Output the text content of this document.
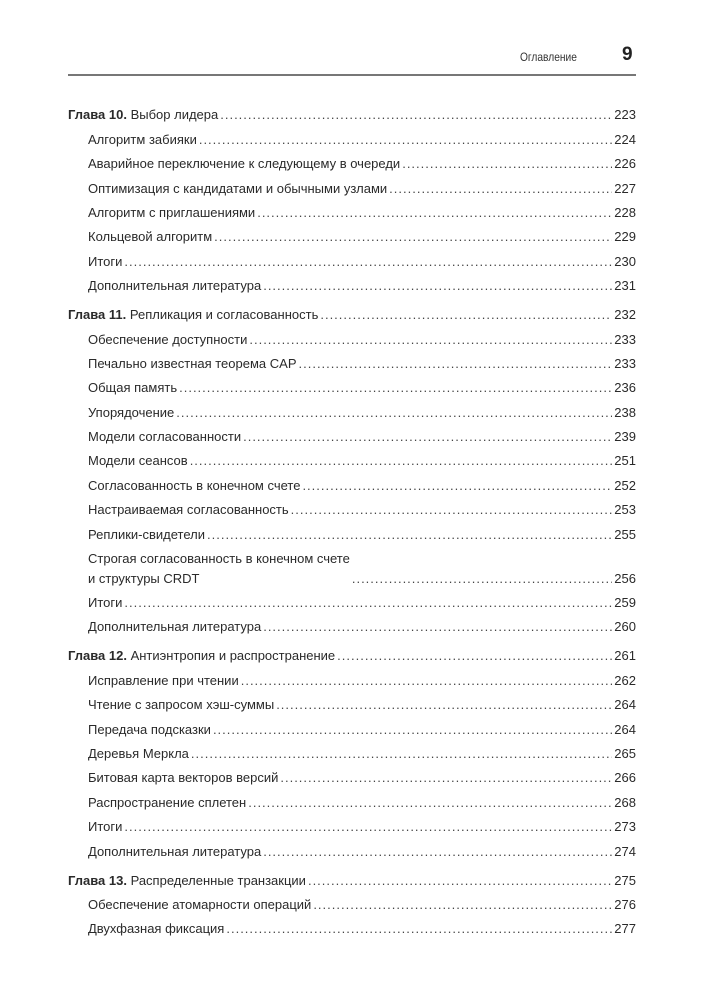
Оглавление 9
Глава 10. Выбор лидера .....	223
Алгоритм забияки .....	224
Аварийное переключение к следующему в очереди .....	226
Оптимизация с кандидатами и обычными узлами .....	227
Алгоритм с приглашениями .....	228
Кольцевой алгоритм .....	229
Итоги .....	230
Дополнительная литература .....	231
Глава 11. Репликация и согласованность .....	232
Обеспечение доступности .....	233
Печально известная теорема CAP .....	233
Общая память .....	236
Упорядочение .....	238
Модели согласованности .....	239
Модели сеансов .....	251
Согласованность в конечном счете .....	252
Настраиваемая согласованность .....	253
Реплики-свидетели .....	255
Строгая согласованность в конечном счете
и структуры CRDT .....	256
Итоги .....	259
Дополнительная литература .....	260
Глава 12. Антиэнтропия и распространение .....	261
Исправление при чтении .....	262
Чтение с запросом хэш-суммы .....	264
Передача подсказки .....	264
Деревья Меркла .....	265
Битовая карта векторов версий .....	266
Распространение сплетен .....	268
Итоги .....	273
Дополнительная литература .....	274
Глава 13. Распределенные транзакции .....	275
Обеспечение атомарности операций .....	276
Двухфазная фиксация .....	277
